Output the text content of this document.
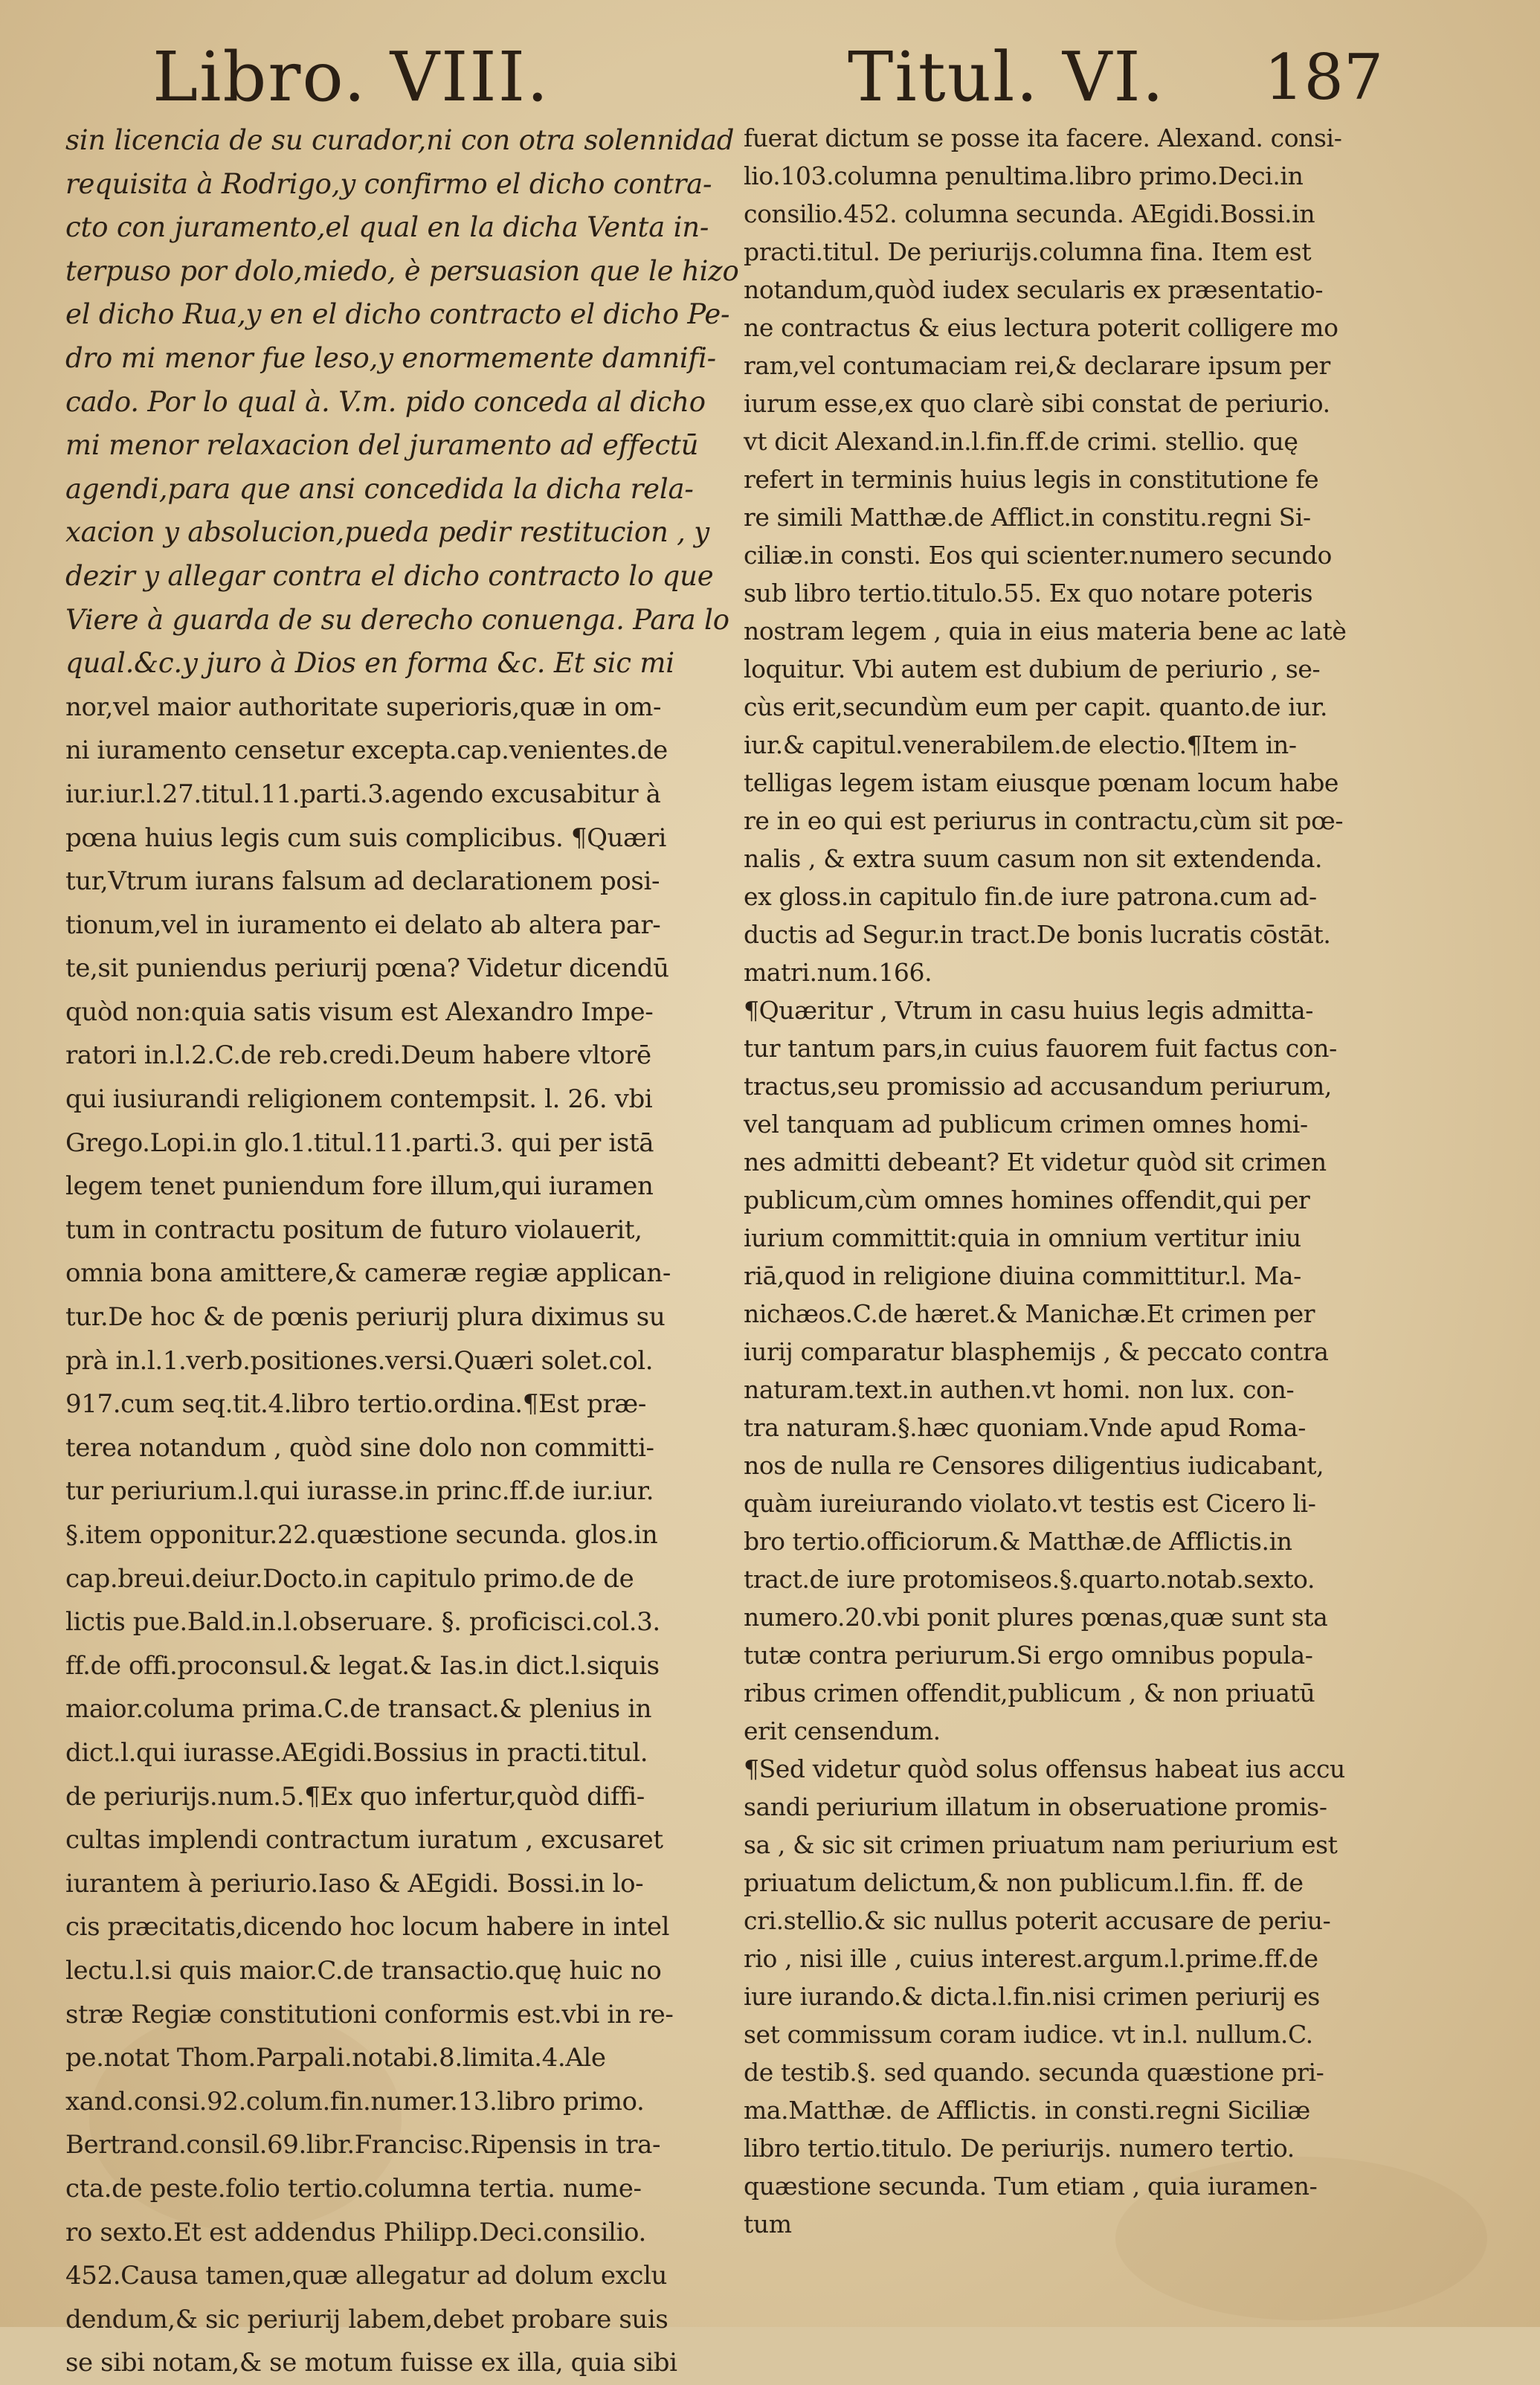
Libro. VIII.	Titul. VI. 187
sin licencia de su curador,ni con otra solennidad
requisita à Rodrigo,y confirmo el dicho contra-
cto con juramento,el qual en la dicha Venta in-
terpuso por dolo,miedo, è persuasion que le hizo
el dicho Rua,y en el dicho contracto el dicho Pe-
dro mi menor fue leso,y enormemente damnifi-
cado. Por lo qual à. V.m. pido conceda al dicho
mi menor relaxacion del juramento ad effectū
agendi,para que ansi concedida la dicha rela-
xacion y absolucion,pueda pedir restitucion , y
dezir y allegar contra el dicho contracto lo que
Viere à guarda de su derecho conuenga. Para lo
qual.&c.y juro à Dios en forma &c. Et sic mi
nor,vel maior authoritate superioris,quæ in om-
ni iuramento censetur excepta.cap.venientes.de
iur.iur.l.27.titul.11.parti.3.agendo excusabitur à
pœna huius legis cum suis complicibus. ¶Quæri
tur,Vtrum iurans falsum ad declarationem posi-
tionum,vel in iuramento ei delato ab altera par-
te,sit puniendus periurij pœna? Videtur dicendū
quòd non:quia satis visum est Alexandro Impe-
ratori in.l.2.C.de reb.credi.Deum habere vltorē
qui iusiurandi religionem contempsit. l. 26. vbi
Grego.Lopi.in glo.1.titul.11.parti.3. qui per istā
legem tenet puniendum fore illum,qui iuramen
tum in contractu positum de futuro violauerit,
omnia bona amittere,& cameræ regiæ applican-
tur.De hoc & de pœnis periurij plura diximus su
prà in.l.1.verb.positiones.versi.Quæri solet.col.
917.cum seq.tit.4.libro tertio.ordina.¶Est præ-
terea notandum , quòd sine dolo non committi-
tur periurium.l.qui iurasse.in princ.ff.de iur.iur.
§.item opponitur.22.quæstione secunda. glos.in
cap.breui.deiur.Docto.in capitulo primo.de de
lictis pue.Bald.in.l.obseruare. §. proficisci.col.3.
ff.de offi.proconsul.& legat.& Ias.in dict.l.siquis
maior.columa prima.C.de transact.& plenius in
dict.l.qui iurasse.AEgidi.Bossius in practi.titul.
de periurijs.num.5.¶Ex quo infertur,quòd diffi-
cultas implendi contractum iuratum , excusaret
iurantem à periurio.Iaso & AEgidi. Bossi.in lo-
cis præcitatis,dicendo hoc locum habere in intel
lectu.l.si quis maior.C.de transactio.quę huic no
stræ Regiæ constitutioni conformis est.vbi in re-
pe.notat Thom.Parpali.notabi.8.limita.4.Ale
xand.consi.92.colum.fin.numer.13.libro primo.
Bertrand.consil.69.libr.Francisc.Ripensis in tra-
cta.de peste.folio tertio.columna tertia. nume-
ro sexto.Et est addendus Philipp.Deci.consilio.
452.Causa tamen,quæ allegatur ad dolum exclu
dendum,& sic periurij labem,debet probare suis
se sibi notam,& se motum fuisse ex illa, quia sibi
fuerat dictum se posse ita facere. Alexand. consi-
lio.103.columna penultima.libro primo.Deci.in
consilio.452. columna secunda. AEgidi.Bossi.in
practi.titul. De periurijs.columna fina. Item est
notandum,quòd iudex secularis ex præsentatio-
ne contractus & eius lectura poterit colligere mo
ram,vel contumaciam rei,& declarare ipsum per
iurum esse,ex quo clarè sibi constat de periurio.
vt dicit Alexand.in.l.fin.ff.de crimi. stellio. quę
refert in terminis huius legis in constitutione fe
re simili Matthæ.de Afflict.in constitu.regni Si-
ciliæ.in consti. Eos qui scienter.numero secundo
sub libro tertio.titulo.55. Ex quo notare poteris
nostram legem , quia in eius materia bene ac latè
loquitur. Vbi autem est dubium de periurio , se-
cùs erit,secundùm eum per capit. quanto.de iur.
iur.& capitul.venerabilem.de electio.¶Item in-
telligas legem istam eiusque pœnam locum habe
re in eo qui est periurus in contractu,cùm sit pœ-
nalis , & extra suum casum non sit extendenda.
ex gloss.in capitulo fin.de iure patrona.cum ad-
ductis ad Segur.in tract.De bonis lucratis cōstāt.
matri.num.166.
¶Quæritur , Vtrum in casu huius legis admitta-
tur tantum pars,in cuius fauorem fuit factus con-
tractus,seu promissio ad accusandum periurum,
vel tanquam ad publicum crimen omnes homi-
nes admitti debeant? Et videtur quòd sit crimen
publicum,cùm omnes homines offendit,qui per
iurium committit:quia in omnium vertitur iniu
riā,quod in religione diuina committitur.l. Ma-
nichæos.C.de hæret.& Manichæ.Et crimen per
iurij comparatur blasphemijs , & peccato contra
naturam.text.in authen.vt homi. non lux. con-
tra naturam.§.hæc quoniam.Vnde apud Roma-
nos de nulla re Censores diligentius iudicabant,
quàm iureiurando violato.vt testis est Cicero li-
bro tertio.officiorum.& Matthæ.de Afflictis.in
tract.de iure protomiseos.§.quarto.notab.sexto.
numero.20.vbi ponit plures pœnas,quæ sunt sta
tutæ contra periurum.Si ergo omnibus popula-
ribus crimen offendit,publicum , & non priuatū
erit censendum.
¶Sed videtur quòd solus offensus habeat ius accu
sandi periurium illatum in obseruatione promis-
sa , & sic sit crimen priuatum nam periurium est
priuatum delictum,& non publicum.l.fin. ff. de
cri.stellio.& sic nullus poterit accusare de periu-
rio , nisi ille , cuius interest.argum.l.prime.ff.de
iure iurando.& dicta.l.fin.nisi crimen periurij es
set commissum coram iudice. vt in.l. nullum.C.
de testib.§. sed quando. secunda quæstione pri-
ma.Matthæ. de Afflictis. in consti.regni Siciliæ
libro tertio.titulo. De periurijs. numero tertio.
quæstione secunda. Tum etiam , quia iuramen-
tum
